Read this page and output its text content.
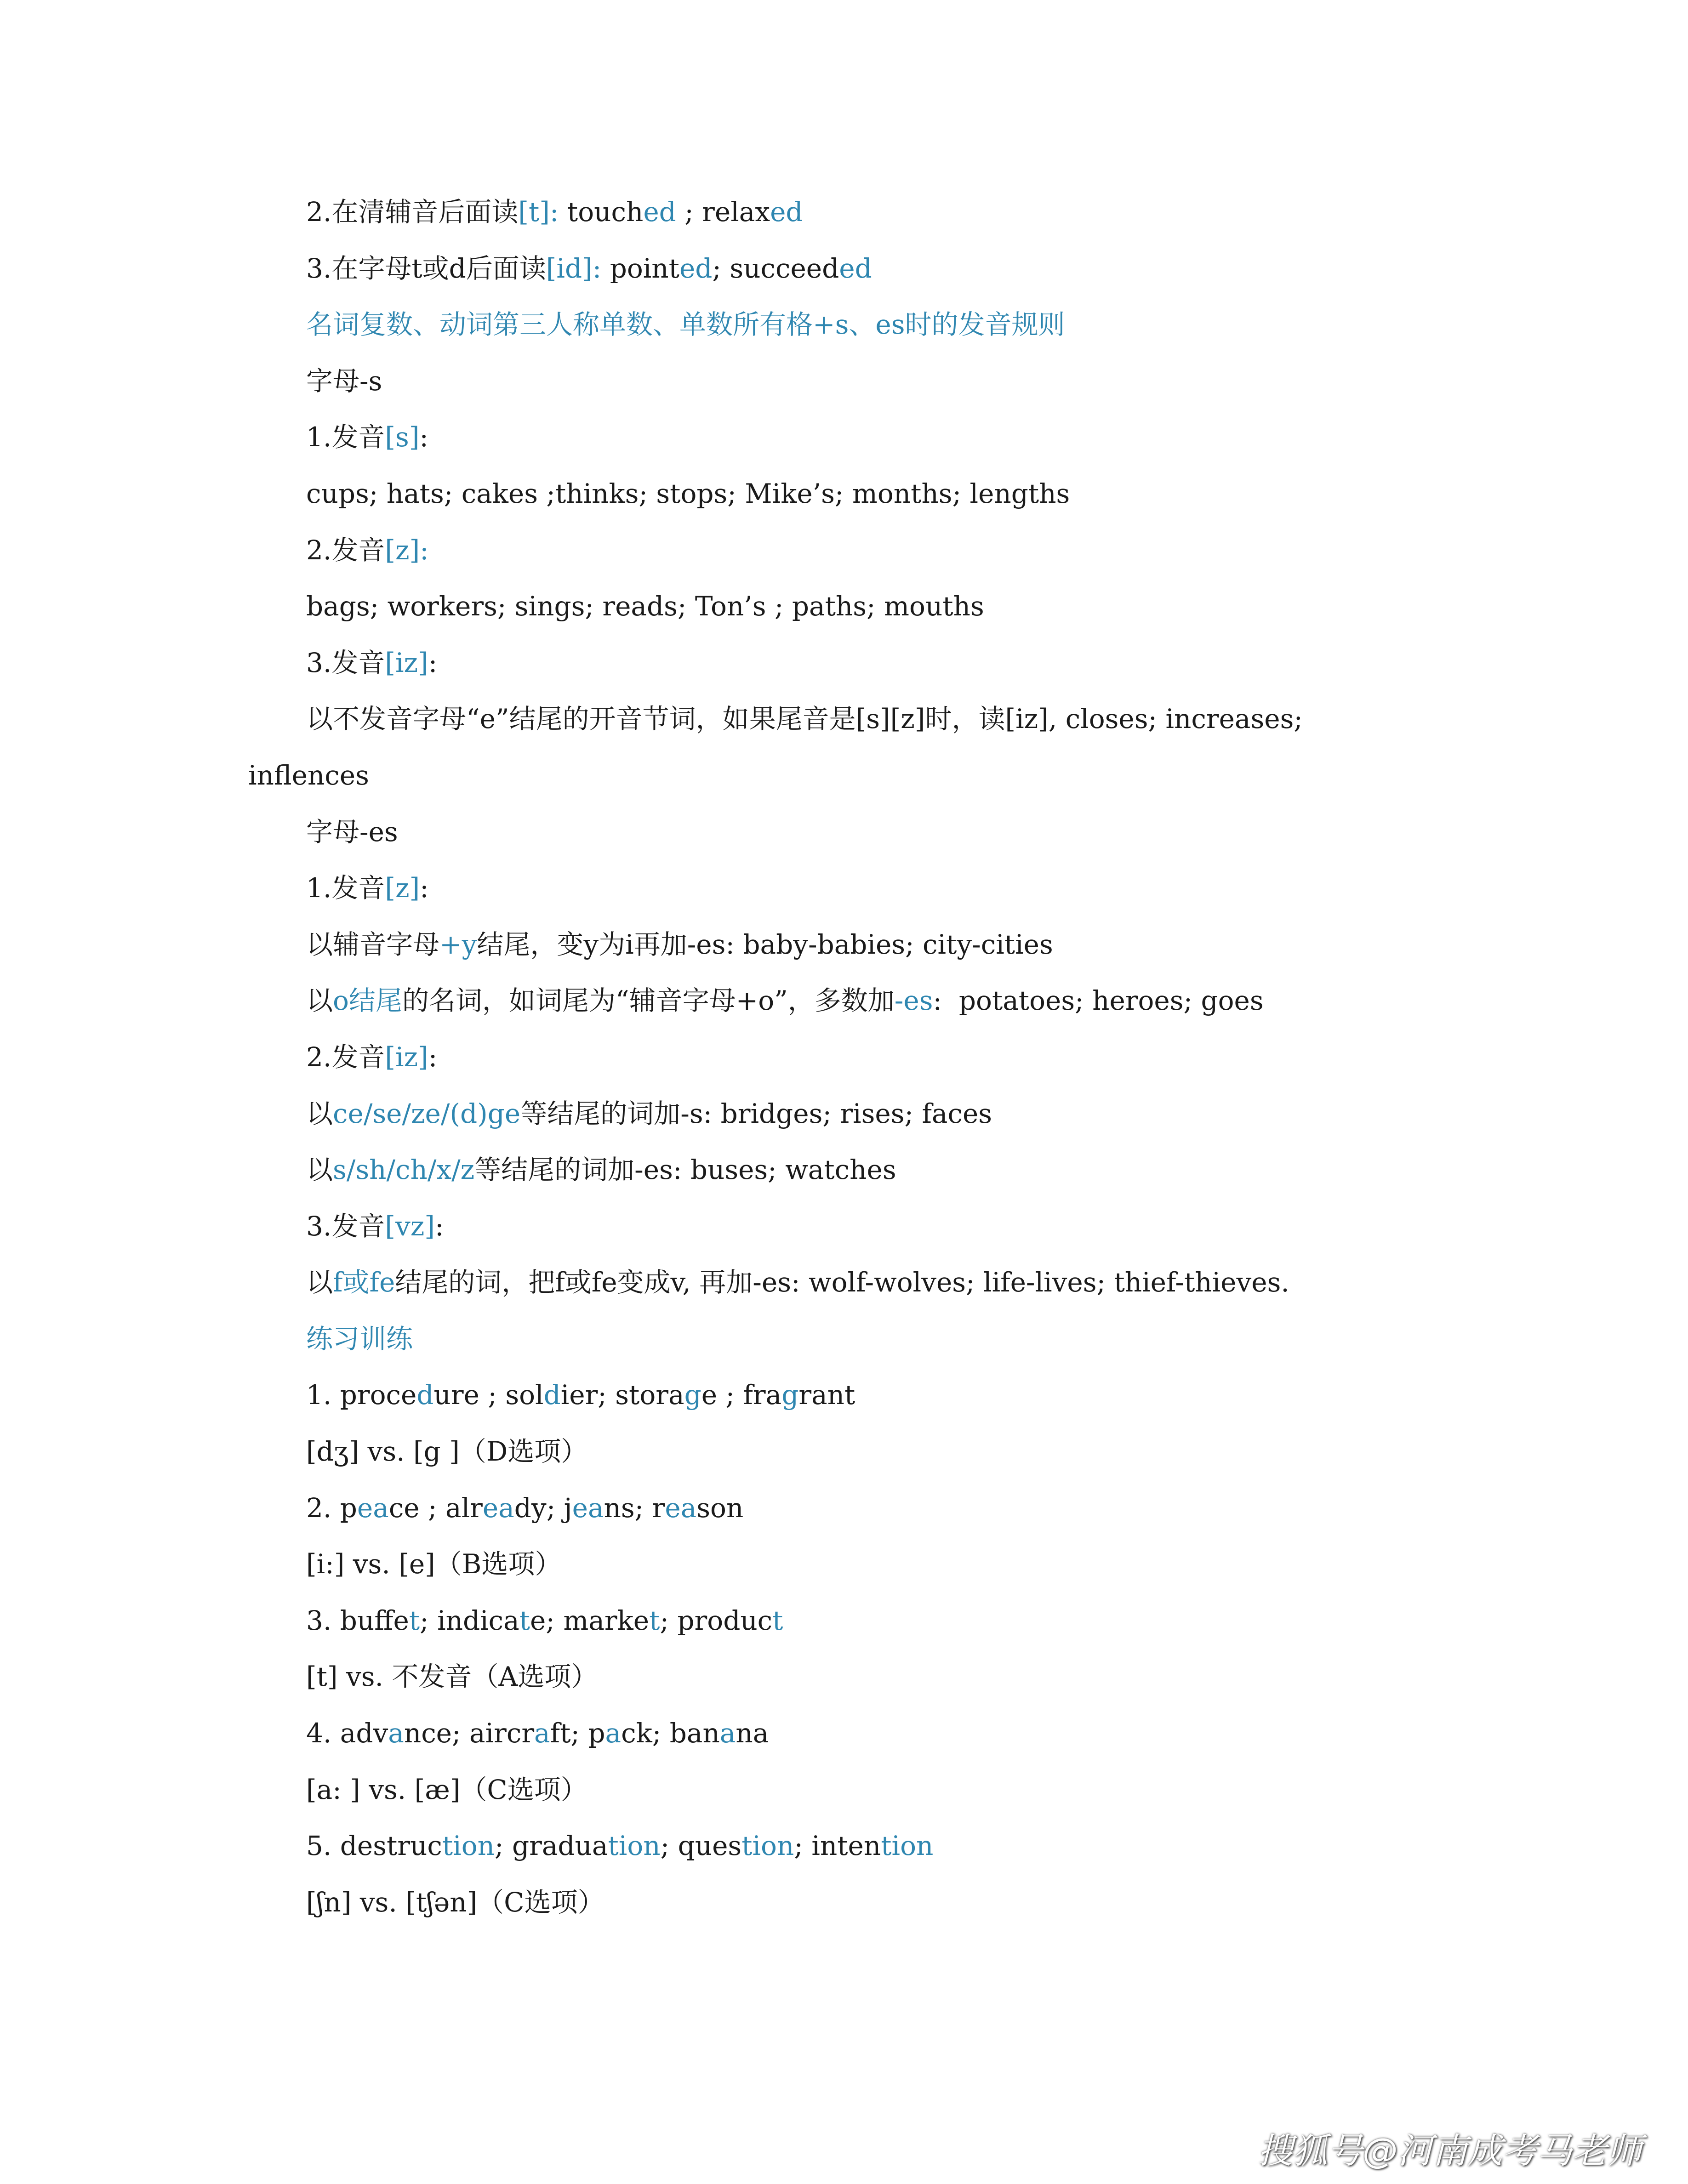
2.在清辅音后面读[t]: touched ; relaxed
3.在字母t或d后面读[id]: pointed; succeeded
名词复数、动词第三人称单数、单数所有格+s、es时的发音规则
字母-s
1.发音[s]:
cups; hats; cakes ;thinks; stops; Mike’s; months; lengths
2.发音[z]:
bags; workers; sings; reads; Ton’s ; paths; mouths
3.发音[iz]:
以不发音字母“e”结尾的开音节词，如果尾音是[s][z]时，读[iz], closes; increases;
inflences
字母-es
1.发音[z]:
以辅音字母+y结尾，变y为i再加-es: baby-babies; city-cities
以o结尾的名词，如词尾为“辅音字母+o”，多数加-es:  potatoes; heroes; goes
2.发音[iz]:
以ce/se/ze/(d)ge等结尾的词加-s: bridges; rises; faces
以s/sh/ch/x/z等结尾的词加-es: buses; watches
3.发音[vz]:
以f或fe结尾的词，把f或fe变成v, 再加-es: wolf-wolves; life-lives; thief-thieves.
练习训练
1. procedure ; soldier; storage ; fragrant
[dʒ] vs. [g ]（D选项）
2. peace ; already; jeans; reason
[i:] vs. [e]（B选项）
3. buffet; indicate; market; product
[t] vs. 不发音（A选项）
4. advance; aircraft; pack; banana
[a: ] vs. [æ]（C选项）
5. destruction; graduation; question; intention
[ʃn] vs. [tʃən]（C选项）
搜狐号@河南成考马老师
